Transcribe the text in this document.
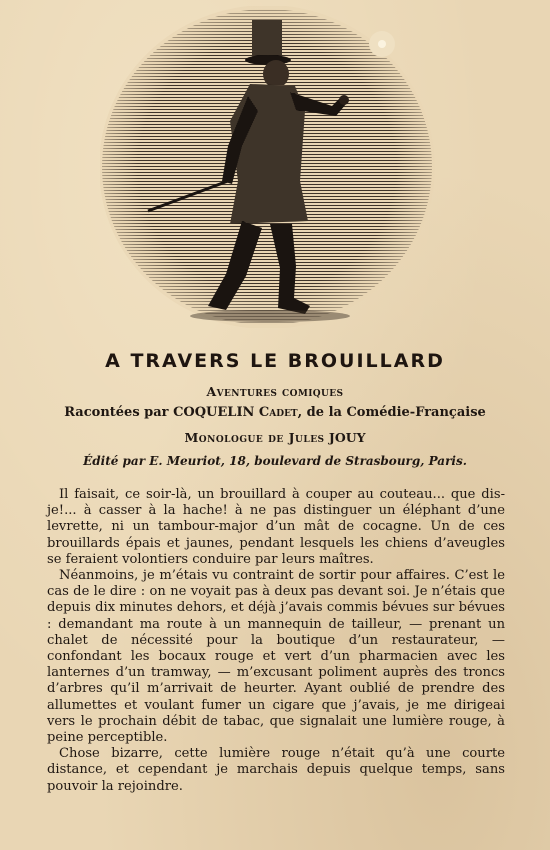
A TRAVERS LE BROUILLARD

Aventures comiques

Racontées par COQUELIN Cadet, de la Comédie-Française

Monologue de Jules JOUY

Édité par E. Meuriot, 18, boulevard de Strasbourg, Paris.

Il faisait, ce soir-là, un brouillard à couper au couteau... que dis-je!... à casser à la hache! à ne pas distinguer un éléphant d’une levrette, ni un tambour-major d’un mât de cocagne. Un de ces brouillards épais et jaunes, pendant lesquels les chiens d’aveugles se feraient volontiers conduire par leurs maîtres.

Néanmoins, je m’étais vu contraint de sortir pour affaires. C’est le cas de le dire : on ne voyait pas à deux pas devant soi. Je n’étais que depuis dix minutes dehors, et déjà j’avais commis bévues sur bévues : demandant ma route à un mannequin de tailleur, — prenant un chalet de nécessité pour la boutique d’un restaurateur, — confondant les bocaux rouge et vert d’un pharmacien avec les lanternes d’un tramway, — m’excusant poliment auprès des troncs d’arbres qu’il m’arrivait de heurter. Ayant oublié de prendre des allumettes et voulant fumer un cigare que j’avais, je me dirigeai vers le prochain débit de tabac, que signalait une lumière rouge, à peine perceptible.

Chose bizarre, cette lumière rouge n’était qu’à une courte distance, et cependant je marchais depuis quelque temps, sans pouvoir la rejoindre.
